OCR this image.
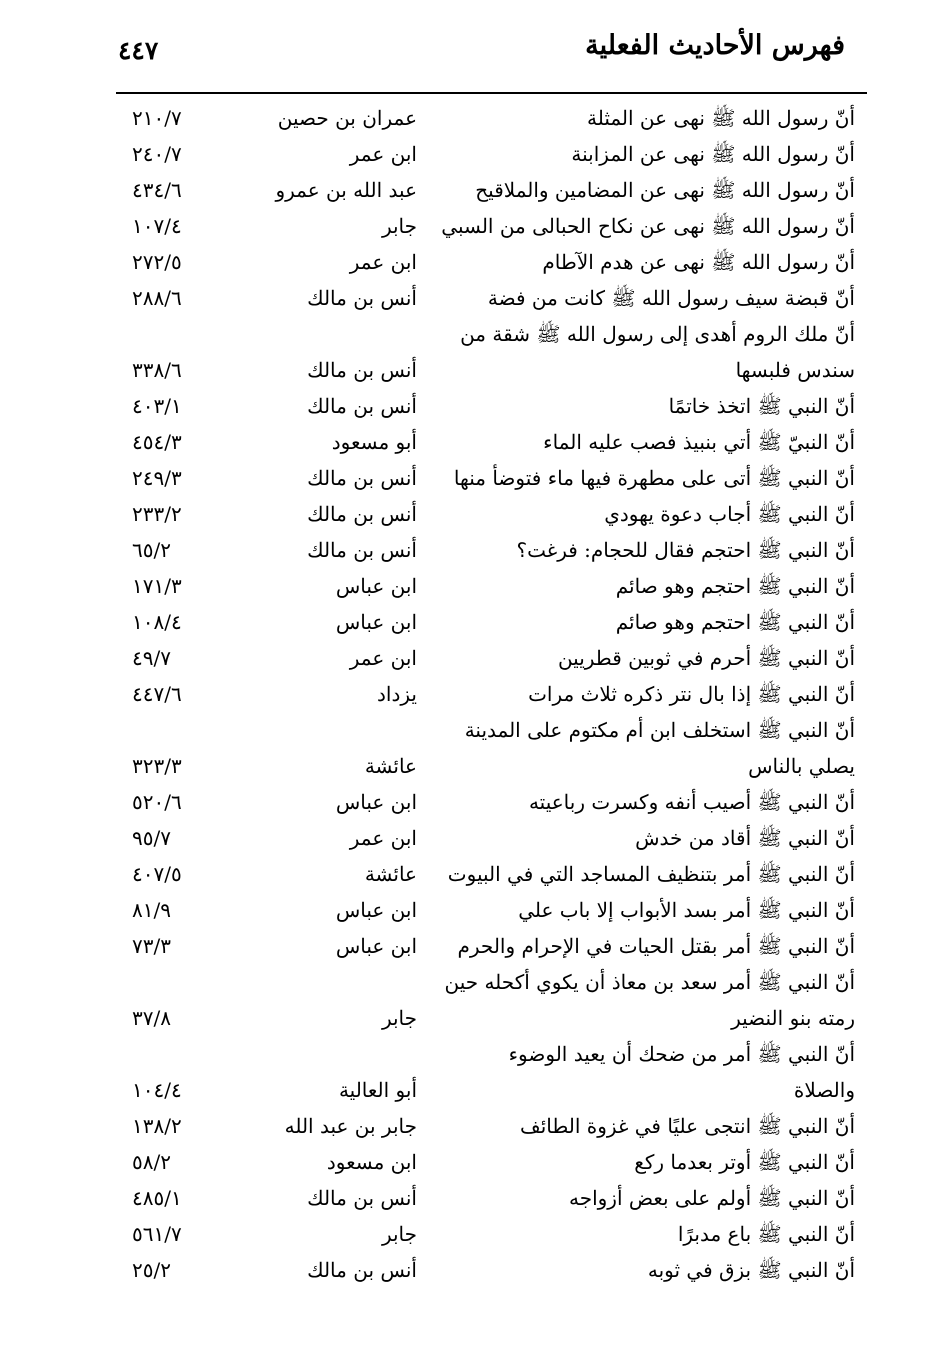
فهرس الأحاديث الفعلية
٤٤٧
أنّ رسول الله ﷺ نهى عن المثلة
عمران بن حصين
٢١٠/٧
أنّ رسول الله ﷺ نهى عن المزابنة
ابن عمر
٢٤٠/٧
أنّ رسول الله ﷺ نهى عن المضامين والملاقيح
عبد الله بن عمرو
٤٣٤/٦
أنّ رسول الله ﷺ نهى عن نكاح الحبالى من السبي
جابر
١٠٧/٤
أنّ رسول الله ﷺ نهى عن هدم الآطام
ابن عمر
٢٧٢/٥
أنّ قبضة سيف رسول الله ﷺ كانت من فضة
أنس بن مالك
٢٨٨/٦
أنّ ملك الروم أهدى إلى رسول الله ﷺ شقة من
سندس فلبسها
أنس بن مالك
٣٣٨/٦
أنّ النبي ﷺ اتخذ خاتمًا
أنس بن مالك
٤٠٣/١
أنّ النبيّ ﷺ أتي بنبيذ فصب عليه الماء
أبو مسعود
٤٥٤/٣
أنّ النبي ﷺ أتى على مطهرة فيها ماء فتوضأ منها
أنس بن مالك
٢٤٩/٣
أنّ النبي ﷺ أجاب دعوة يهودي
أنس بن مالك
٢٣٣/٢
أنّ النبي ﷺ احتجم فقال للحجام: فرغت؟
أنس بن مالك
٦٥/٢
أنّ النبي ﷺ احتجم وهو صائم
ابن عباس
١٧١/٣
أنّ النبي ﷺ احتجم وهو صائم
ابن عباس
١٠٨/٤
أنّ النبي ﷺ أحرم في ثوبين قطريين
ابن عمر
٤٩/٧
أنّ النبي ﷺ إذا بال نتر ذكره ثلاث مرات
يزداد
٤٤٧/٦
أنّ النبي ﷺ استخلف ابن أم مكتوم على المدينة
يصلي بالناس
عائشة
٣٢٣/٣
أنّ النبي ﷺ أصيب أنفه وكسرت رباعيته
ابن عباس
٥٢٠/٦
أنّ النبي ﷺ أقاد من خدش
ابن عمر
٩٥/٧
أنّ النبي ﷺ أمر بتنظيف المساجد التي في البيوت
عائشة
٤٠٧/٥
أنّ النبي ﷺ أمر بسد الأبواب إلا باب علي
ابن عباس
٨١/٩
أنّ النبي ﷺ أمر بقتل الحيات في الإحرام والحرم
ابن عباس
٧٣/٣
أنّ النبي ﷺ أمر سعد بن معاذ أن يكوي أكحله حين
رمته بنو النضير
جابر
٣٧/٨
أنّ النبي ﷺ أمر من ضحك أن يعيد الوضوء
والصلاة
أبو العالية
١٠٤/٤
أنّ النبي ﷺ انتجى عليًا في غزوة الطائف
جابر بن عبد الله
١٣٨/٢
أنّ النبي ﷺ أوتر بعدما ركع
ابن مسعود
٥٨/٢
أنّ النبي ﷺ أولم على بعض أزواجه
أنس بن مالك
٤٨٥/١
أنّ النبي ﷺ باع مدبرًا
جابر
٥٦١/٧
أنّ النبي ﷺ بزق في ثوبه
أنس بن مالك
٢٥/٢
